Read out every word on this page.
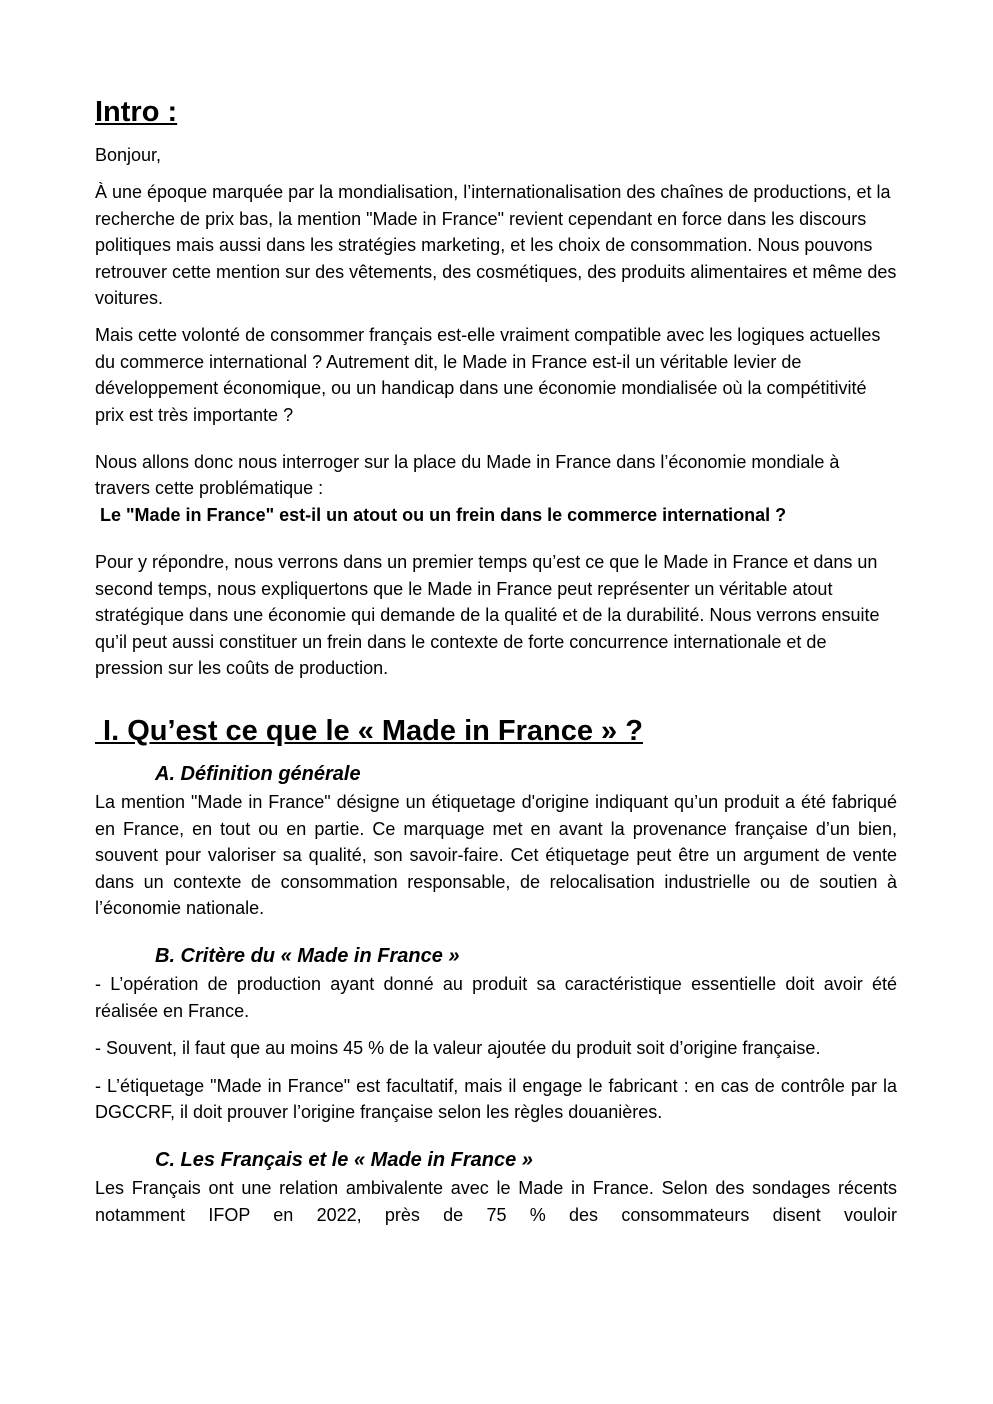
Intro :

Bonjour,

À une époque marquée par la mondialisation, l’internationalisation des chaînes de productions, et la recherche de prix bas, la mention "Made in France" revient cependant en force dans les discours politiques mais aussi dans les stratégies marketing, et les choix de consommation. Nous pouvons retrouver cette mention sur des vêtements, des cosmétiques, des produits alimentaires et même des voitures.

Mais cette volonté de consommer français est-elle vraiment compatible avec les logiques actuelles du commerce international ? Autrement dit, le Made in France est-il un véritable levier de développement économique, ou un handicap dans une économie mondialisée où la compétitivité prix est très importante ?

Nous allons donc nous interroger sur la place du Made in France dans l’économie mondiale à travers cette problématique :

Le "Made in France" est-il un atout ou un frein dans le commerce international ?

Pour y répondre, nous verrons dans un premier temps qu’est ce que le Made in France et dans un second temps, nous expliquertons que le Made in France peut représenter un véritable atout stratégique dans une économie qui demande de la qualité et de la durabilité. Nous verrons ensuite qu’il peut aussi constituer un frein dans le contexte de forte concurrence internationale et de pression sur les coûts de production.

I. Qu’est ce que le « Made in France » ?
A. Définition générale

La mention "Made in France" désigne un étiquetage d'origine indiquant qu’un produit a été fabriqué en France, en tout ou en partie. Ce marquage met en avant la provenance française d’un bien, souvent pour valoriser sa qualité, son savoir-faire. Cet étiquetage peut être un argument de vente dans un contexte de consommation responsable, de relocalisation industrielle ou de soutien à l’économie nationale.

B. Critère du « Made in France »

- L’opération de production ayant donné au produit sa caractéristique essentielle doit avoir été réalisée en France.

- Souvent, il faut que au moins 45 % de la valeur ajoutée du produit soit d’origine française.

- L’étiquetage "Made in France" est facultatif, mais il engage le fabricant : en cas de contrôle par la DGCCRF, il doit prouver l’origine française selon les règles douanières.

C. Les Français et le « Made in France »

Les Français ont une relation ambivalente avec le Made in France. Selon des sondages récents notamment IFOP en 2022, près de 75 % des consommateurs disent vouloir
